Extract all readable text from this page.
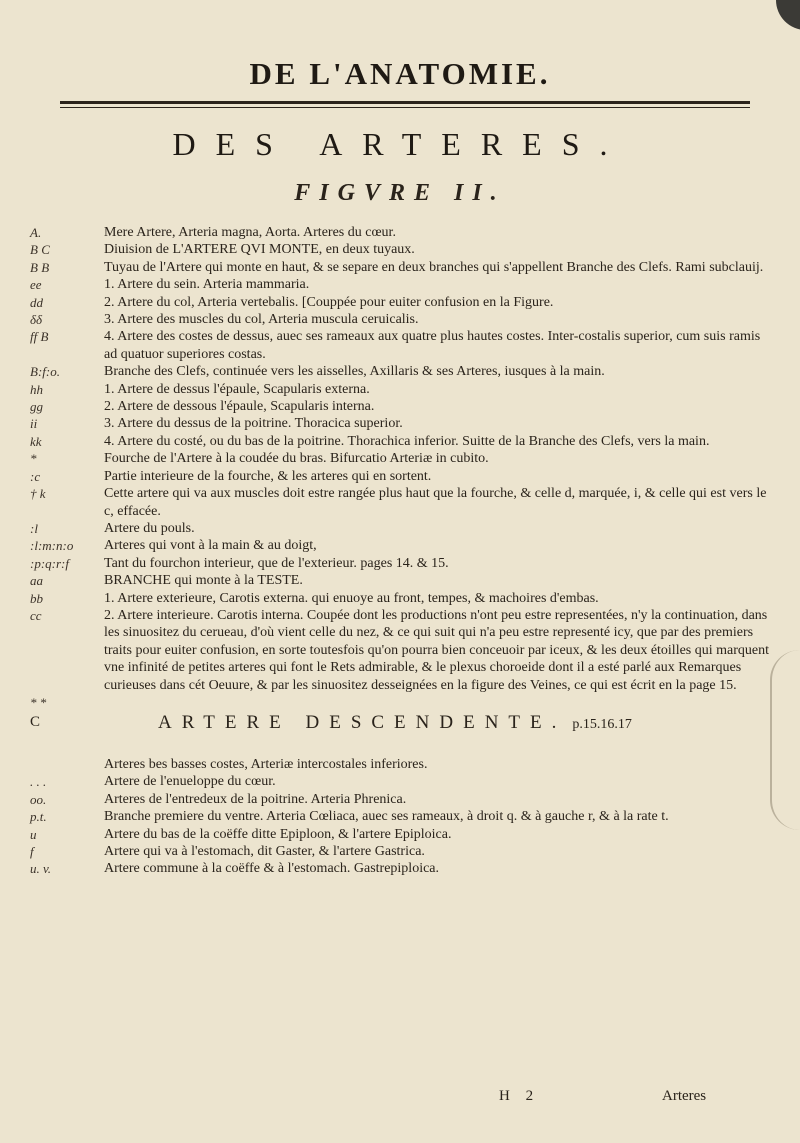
DE L'ANATOMIE.
DES ARTERES.
FIGVRE II.
A.	Mere Artere, Arteria magna, Aorta. Arteres du cœur.
B C	Diuision de L'ARTERE QVI MONTE, en deux tuyaux.
B B	Tuyau de l'Artere qui monte en haut, & se separe en deux branches qui s'appellent Branche des Clefs. Rami subclauij.
ee	1. Artere du sein. Arteria mammaria.
dd	2. Artere du col, Arteria vertebalis. [Couppée pour euiter confusion en la Figure.
δδ	3. Artere des muscles du col, Arteria muscula ceruicalis.
ff B	4. Artere des costes de dessus, auec ses rameaux aux quatre plus hautes costes. Inter-costalis superior, cum suis ramis ad quatuor superiores costas.
B:f:o.	Branche des Clefs, continuée vers les aisselles, Axillaris & ses Arteres, iusques à la main.
hh	1. Artere de dessus l'épaule, Scapularis externa.
gg	2. Artere de dessous l'épaule, Scapularis interna.
ii	3. Artere du dessus de la poitrine. Thoracica superior.
kk	4. Artere du costé, ou du bas de la poitrine. Thorachica inferior. Suitte de la Branche des Clefs, vers la main.
*	Fourche de l'Artere à la coudée du bras. Bifurcatio Arteriæ in cubito.
:c	Partie interieure de la fourche, & les arteres qui en sortent.
† k	Cette artere qui va aux muscles doit estre rangée plus haut que la fourche, & celle d, marquée, i, & celle qui est vers le c, effacée.
:l	Artere du pouls.
:l:m:n:o	Arteres qui vont à la main & au doigt,
:p:q:r:f	Tant du fourchon interieur, que de l'exterieur. pages 14. & 15.
aa	BRANCHE qui monte à la TESTE.
bb	1. Artere exterieure, Carotis externa. qui enuoye au front, tempes, & machoires d'embas.
cc	2. Artere interieure. Carotis interna. Coupée dont les productions n'ont peu estre representées, n'y la continuation, dans les sinuositez du cerueau, d'où vient celle du nez, & ce qui suit qui n'a peu estre representé icy, que par des premiers traits pour euiter confusion, en sorte toutesfois qu'on pourra bien conceuoir par iceux, & les deux étoilles qui marquent vne infinité de petites arteres qui font le Rets admirable, & le plexus choroeide dont il a esté parlé aux Remarques curieuses dans cét Oeuure, & par les sinuositez desseignées en la figure des Veines, ce qui est écrit en la page 15.
* *
C	ARTERE DESCENDENTE. p.15.16.17
Arteres bes basses costes, Arteriæ intercostales inferiores.
. . .	Artere de l'enueloppe du cœur.
oo.	Arteres de l'entredeux de la poitrine. Arteria Phrenica.
p.t.	Branche premiere du ventre. Arteria Cœliaca, auec ses rameaux, à droit q. & à gauche r, & à la rate t.
u	Artere du bas de la coëffe ditte Epiploon, & l'artere Epiploica.
f	Artere qui va à l'estomach, dit Gaster, & l'artere Gastrica.
u. v.	Artere commune à la coëffe & à l'estomach. Gastrepiploica.
H 2	Arteres
